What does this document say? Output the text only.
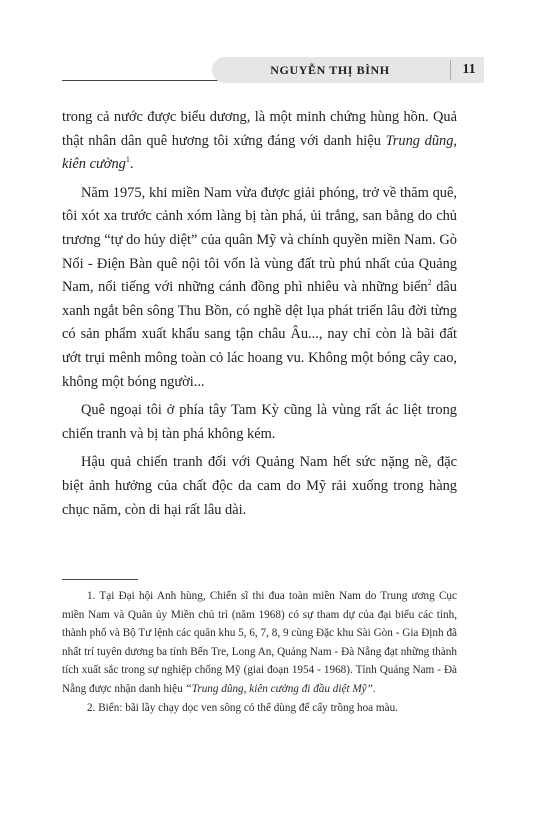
NGUYỄN THỊ BÌNH	11

trong cả nước được biểu dương, là một minh chứng hùng hồn. Quả thật nhân dân quê hương tôi xứng đáng với danh hiệu Trung dũng, kiên cường$^1$.

Năm 1975, khi miền Nam vừa được giải phóng, trở về thăm quê, tôi xót xa trước cảnh xóm làng bị tàn phá, ủi trắng, san bằng do chủ trương “tự do hủy diệt” của quân Mỹ và chính quyền miền Nam. Gò Nổi - Điện Bàn quê nội tôi vốn là vùng đất trù phú nhất của Quảng Nam, nổi tiếng với những cánh đồng phì nhiêu và những biển$^2$ dâu xanh ngắt bên sông Thu Bồn, có nghề dệt lụa phát triển lâu đời từng có sản phẩm xuất khẩu sang tận châu Âu..., nay chỉ còn là bãi đất ướt trụi mênh mông toàn cỏ lác hoang vu. Không một bóng cây cao, không một bóng người...

Quê ngoại tôi ở phía tây Tam Kỳ cũng là vùng rất ác liệt trong chiến tranh và bị tàn phá không kém.

Hậu quả chiến tranh đối với Quảng Nam hết sức nặng nề, đặc biệt ảnh hưởng của chất độc da cam do Mỹ rải xuống trong hàng chục năm, còn di hại rất lâu dài.

1. Tại Đại hội Anh hùng, Chiến sĩ thi đua toàn miền Nam do Trung ương Cục miền Nam và Quân ủy Miền chủ trì (năm 1968) có sự tham dự của đại biểu các tỉnh, thành phố và Bộ Tư lệnh các quân khu 5, 6, 7, 8, 9 cùng Đặc khu Sài Gòn - Gia Định đã nhất trí tuyên dương ba tỉnh Bến Tre, Long An, Quảng Nam - Đà Nẵng đạt những thành tích xuất sắc trong sự nghiệp chống Mỹ (giai đoạn 1954 - 1968). Tỉnh Quảng Nam - Đà Nẵng được nhận danh hiệu “Trung dũng, kiên cường đi đầu diệt Mỹ”.

2. Biển: bãi lầy chạy dọc ven sông có thể dùng để cấy trồng hoa màu.
